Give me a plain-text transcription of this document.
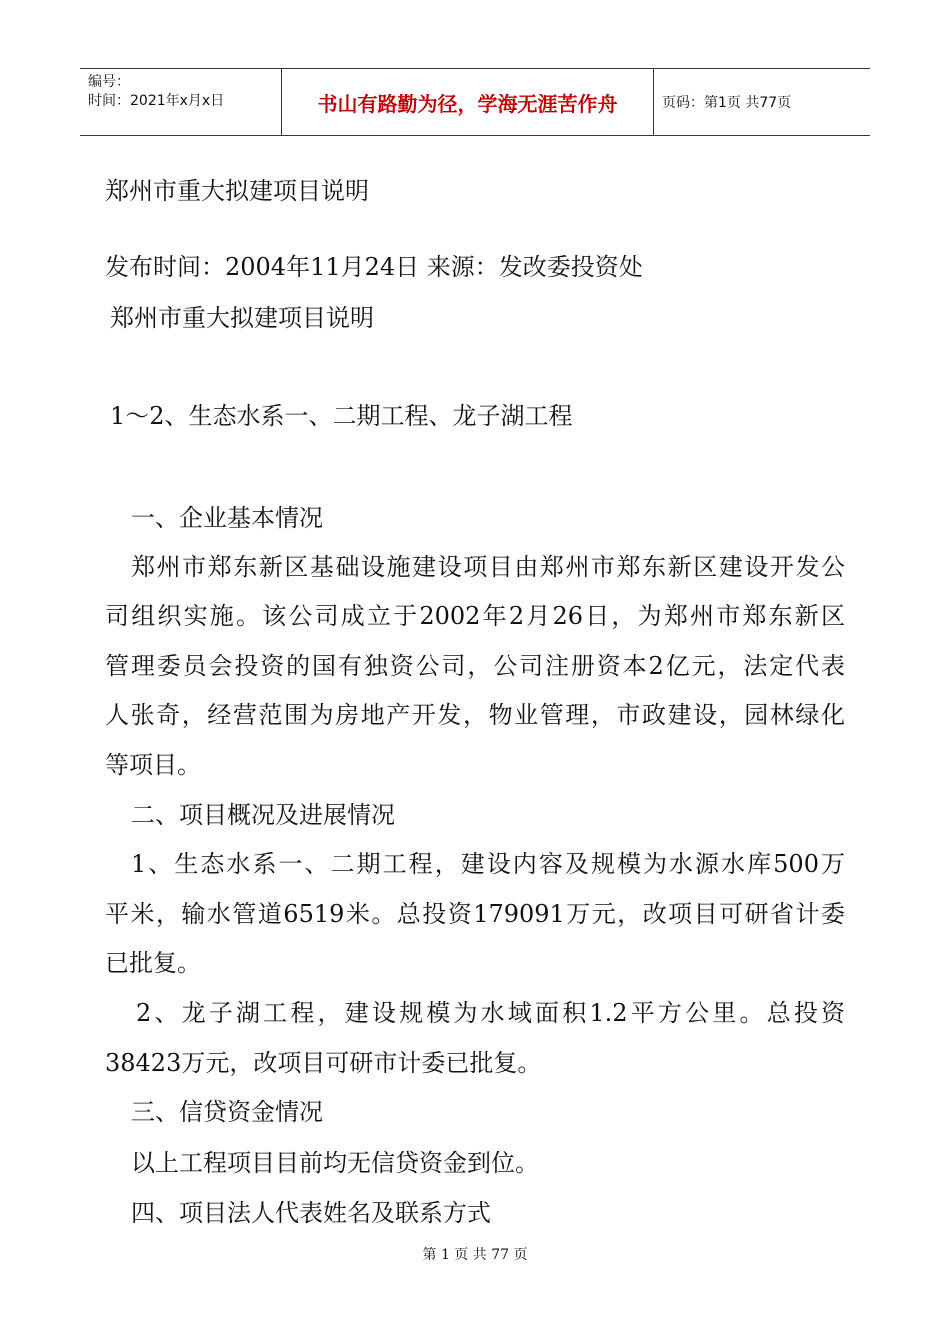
编号：
时间：2021年x月x日	书山有路勤为径，学海无涯苦作舟	页码：第1页 共77页
郑州市重大拟建项目说明
发布时间：2004年11月24日 来源：发改委投资处
郑州市重大拟建项目说明
1～2、生态水系一、二期工程、龙子湖工程
一、企业基本情况
郑州市郑东新区基础设施建设项目由郑州市郑东新区建设开发公
司组织实施。该公司成立于2002年2月26日，为郑州市郑东新区
管理委员会投资的国有独资公司，公司注册资本2亿元，法定代表
人张奇，经营范围为房地产开发，物业管理，市政建设，园林绿化
等项目。
二、项目概况及进展情况
1、生态水系一、二期工程，建设内容及规模为水源水库500万
平米，输水管道6519米。总投资179091万元，改项目可研省计委
已批复。
2、龙子湖工程，建设规模为水域面积1.2平方公里。总投资
38423万元，改项目可研市计委已批复。
三、信贷资金情况
以上工程项目目前均无信贷资金到位。
四、项目法人代表姓名及联系方式
第 1 页 共 77 页
